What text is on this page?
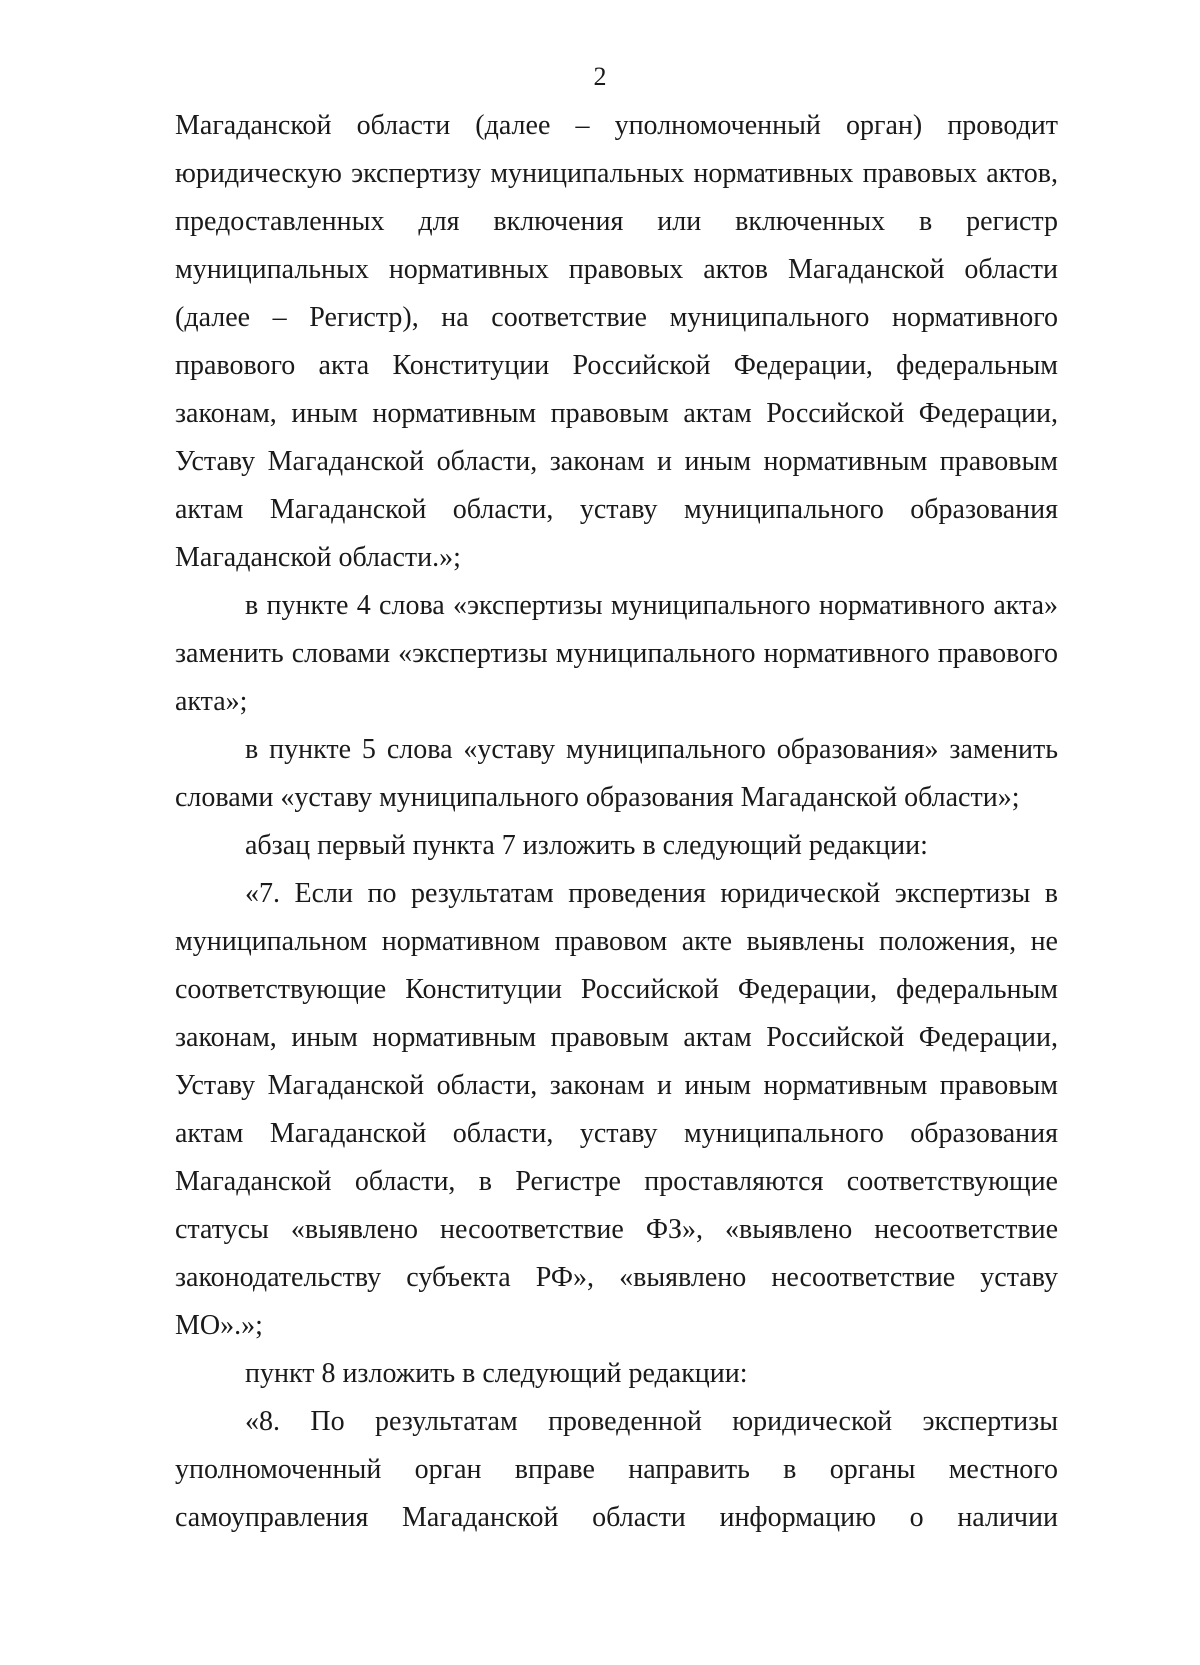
2

Магаданской области (далее – уполномоченный орган) проводит юридическую экспертизу муниципальных нормативных правовых актов, предоставленных для включения или включенных в регистр муниципальных нормативных правовых актов Магаданской области (далее – Регистр), на соответствие муниципального нормативного правового акта Конституции Российской Федерации, федеральным законам, иным нормативным правовым актам Российской Федерации, Уставу Магаданской области, законам и иным нормативным правовым актам Магаданской области, уставу муниципального образования Магаданской области.»;

в пункте 4 слова «экспертизы муниципального нормативного акта» заменить словами «экспертизы муниципального нормативного правового акта»;

в пункте 5 слова «уставу муниципального образования» заменить словами «уставу муниципального образования Магаданской области»;

абзац первый пункта 7 изложить в следующий редакции:

«7. Если по результатам проведения юридической экспертизы в муниципальном нормативном правовом акте выявлены положения, не соответствующие Конституции Российской Федерации, федеральным законам, иным нормативным правовым актам Российской Федерации, Уставу Магаданской области, законам и иным нормативным правовым актам Магаданской области, уставу муниципального образования Магаданской области, в Регистре проставляются соответствующие статусы «выявлено несоответствие ФЗ», «выявлено несоответствие законодательству субъекта РФ», «выявлено несоответствие уставу МО».»;

пункт 8 изложить в следующий редакции:

«8. По результатам проведенной юридической экспертизы уполномоченный орган вправе направить в органы местного самоуправления Магаданской области информацию о наличии
